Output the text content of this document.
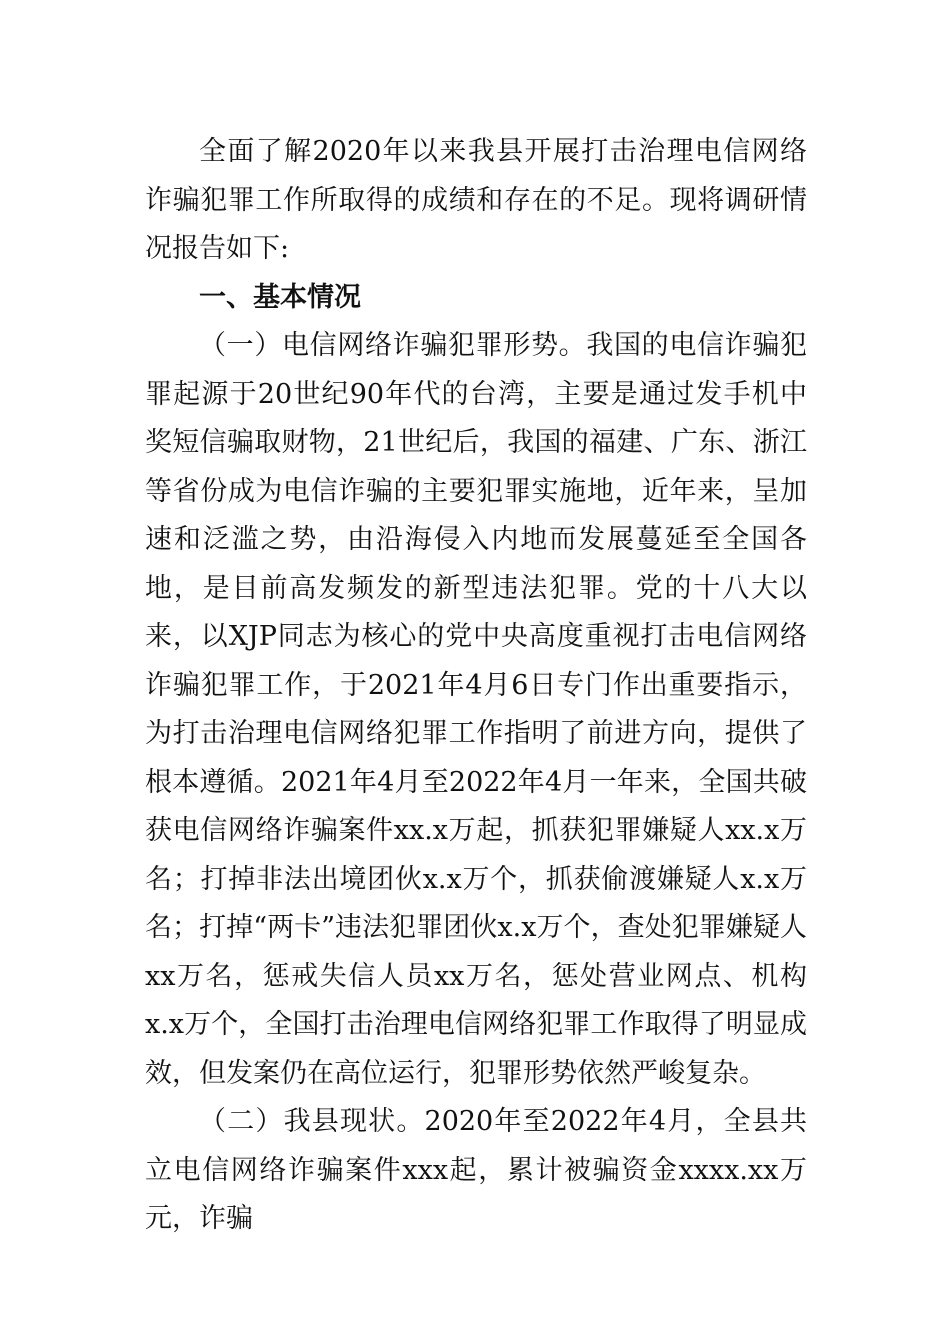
全面了解2020年以来我县开展打击治理电信网络诈骗犯罪工作所取得的成绩和存在的不足。现将调研情况报告如下:

一、基本情况

（一）电信网络诈骗犯罪形势。我国的电信诈骗犯罪起源于20世纪90年代的台湾，主要是通过发手机中奖短信骗取财物，21世纪后，我国的福建、广东、浙江等省份成为电信诈骗的主要犯罪实施地，近年来，呈加速和泛滥之势，由沿海侵入内地而发展蔓延至全国各地，是目前高发频发的新型违法犯罪。党的十八大以来，以XJP同志为核心的党中央高度重视打击电信网络诈骗犯罪工作，于2021年4月6日专门作出重要指示，为打击治理电信网络犯罪工作指明了前进方向，提供了根本遵循。2021年4月至2022年4月一年来，全国共破获电信网络诈骗案件xx.x万起，抓获犯罪嫌疑人xx.x万名；打掉非法出境团伙x.x万个，抓获偷渡嫌疑人x.x万名；打掉“两卡”违法犯罪团伙x.x万个，查处犯罪嫌疑人xx万名，惩戒失信人员xx万名，惩处营业网点、机构x.x万个，全国打击治理电信网络犯罪工作取得了明显成效，但发案仍在高位运行，犯罪形势依然严峻复杂。

（二）我县现状。2020年至2022年4月，全县共立电信网络诈骗案件xxx起，累计被骗资金xxxx.xx万元，诈骗
